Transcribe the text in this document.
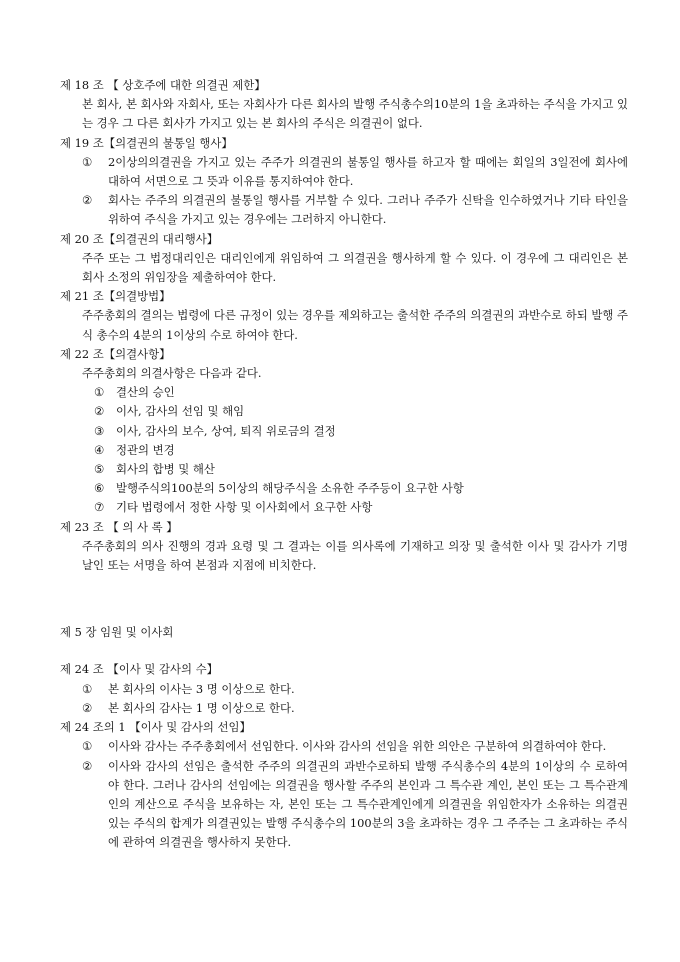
제 18 조 【 상호주에 대한 의결권 제한】
본 회사, 본 회사와 자회사, 또는 자회사가 다른 회사의 발행 주식총수의10분의 1을 초과하는 주식을 가지고 있는 경우 그 다른 회사가 가지고 있는 본 회사의 주식은 의결권이 없다.
제 19 조【의결권의 불통일 행사】
①	2이상의의결권을 가지고 있는 주주가 의결권의 불통일 행사를 하고자 할 때에는 회일의 3일전에 회사에 대하여 서면으로 그 뜻과 이유를 통지하여야 한다.
②	회사는 주주의 의결권의 불통일 행사를 거부할 수 있다. 그러나 주주가 신탁을 인수하였거나 기타 타인을 위하여 주식을 가지고 있는 경우에는 그러하지 아니한다.
제 20 조【의결권의 대리행사】
주주 또는 그 법정대리인은 대리인에게 위임하여 그 의결권을 행사하게 할 수 있다. 이 경우에 그 대리인은 본 회사 소정의 위임장을 제출하여야 한다.
제 21 조【의결방법】
주주총회의 결의는 법령에 다른 규정이 있는 경우를 제외하고는 출석한 주주의 의결권의 과반수로 하되 발행 주식 총수의 4분의 1이상의 수로 하여야 한다.
제 22 조【의결사항】
주주총회의 의결사항은 다음과 같다.
① 결산의 승인
② 이사, 감사의 선임 및 해임
③ 이사, 감사의 보수, 상여, 퇴직 위로금의 결정
④ 정관의 변경
⑤ 회사의 합병 및 해산
⑥ 발행주식의100분의 5이상의 해당주식을 소유한 주주등이 요구한 사항
⑦ 기타 법령에서 정한 사항 및 이사회에서 요구한 사항
제 23 조 【 의 사 록 】
주주총회의 의사 진행의 경과 요령 및 그 결과는 이를 의사록에 기재하고 의장 및 출석한 이사 및 감사가 기명 날인 또는 서명을 하여 본점과 지점에 비치한다.
제 5 장 임원 및 이사회
제 24 조 【이사 및 감사의 수】
①	본 회사의 이사는 3 명 이상으로 한다.
②	본 회사의 감사는 1 명 이상으로 한다.
제 24 조의 1 【이사 및 감사의 선임】
①	이사와 감사는 주주총회에서 선임한다. 이사와 감사의 선임을 위한 의안은 구분하여 의결하여야 한다.
②	이사와 감사의 선임은 출석한 주주의 의결권의 과반수로하되 발행 주식총수의 4분의 1이상의 수 로하여야 한다. 그러나 감사의 선임에는 의결권을 행사할 주주의 본인과 그 특수관 계인, 본인 또는 그 특수관계인의 계산으로 주식을 보유하는 자, 본인 또는 그 특수관계인에게 의결권을 위임한자가 소유하는 의결권 있는 주식의 합계가 의결권있는 발행 주식총수의 100분의 3을 초과하는 경우 그 주주는 그 초과하는 주식에 관하여 의결권을 행사하지 못한다.
